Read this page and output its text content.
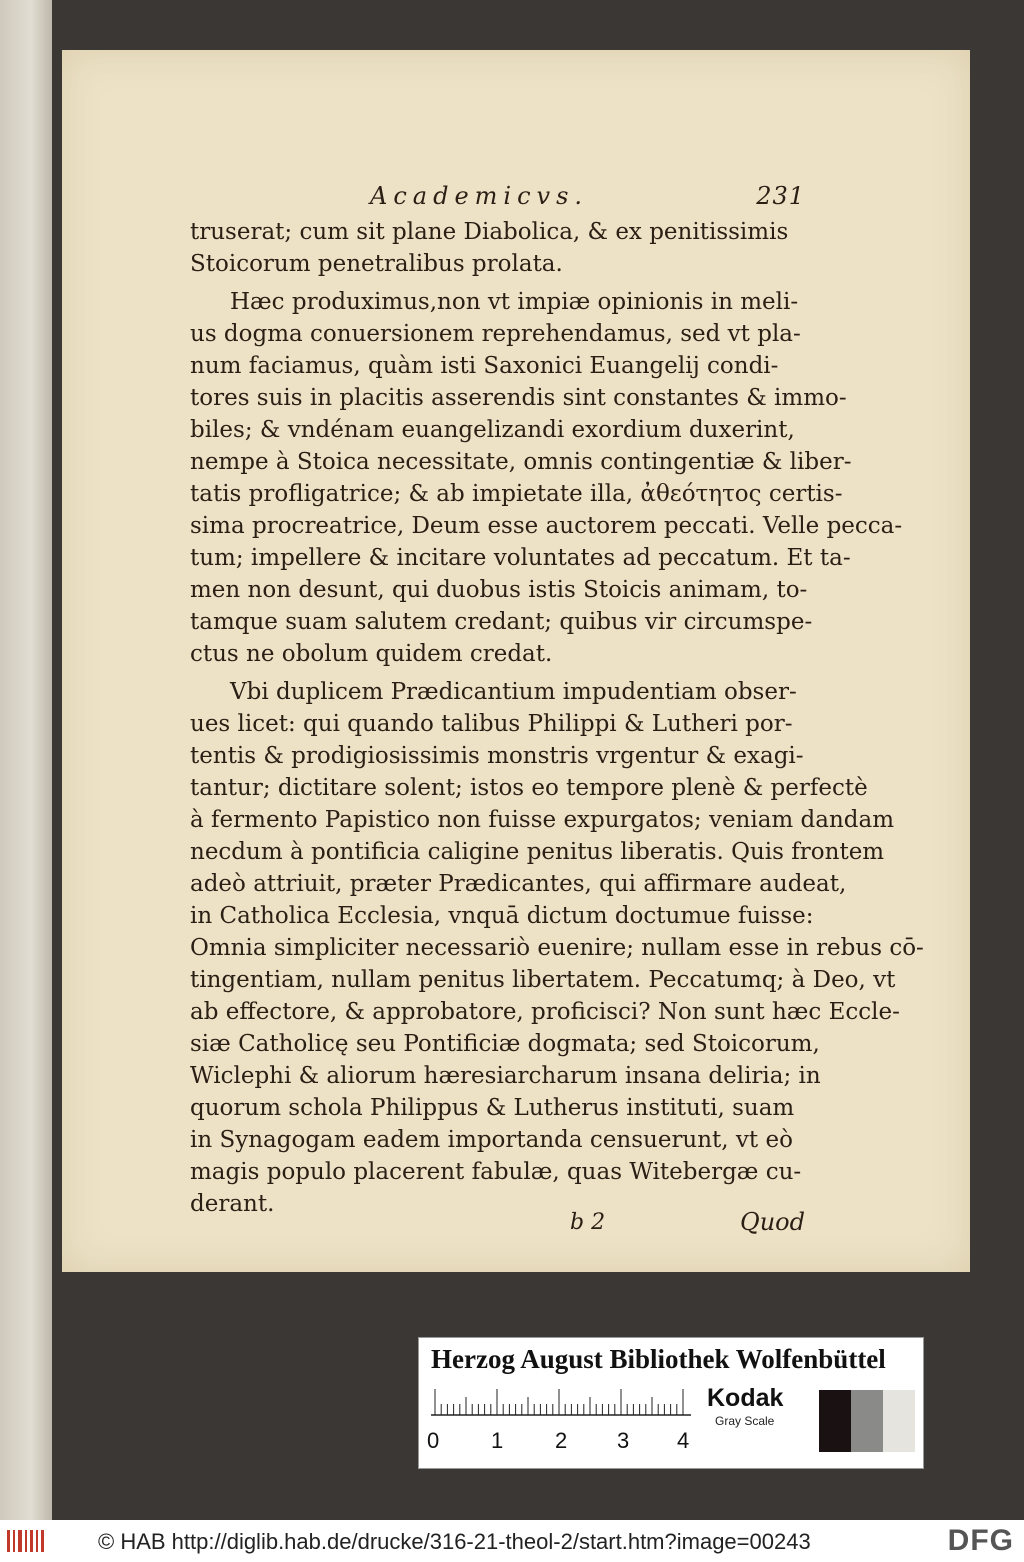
Academicvs.	231
truserat; cum sit plane Diabolica, & ex penitissimis
Stoicorum penetralibus prolata.
Hæc produximus,non vt impiæ opinionis in meli-
us dogma conuersionem reprehendamus, sed vt pla-
num faciamus, quàm isti Saxonici Euangelij condi-
tores suis in placitis asserendis sint constantes & immo-
biles; & vndénam euangelizandi exordium duxerint,
nempe à Stoica necessitate, omnis contingentiæ & liber-
tatis profligatrice; & ab impietate illa, ἀθεότητος certis-
sima procreatrice, Deum esse auctorem peccati. Velle pecca-
tum; impellere & incitare voluntates ad peccatum. Et ta-
men non desunt, qui duobus istis Stoicis animam, to-
tamque suam salutem credant; quibus vir circumspe-
ctus ne obolum quidem credat.
Vbi duplicem Prædicantium impudentiam obser-
ues licet: qui quando talibus Philippi & Lutheri por-
tentis & prodigiosissimis monstris vrgentur & exagi-
tantur; dictitare solent; istos eo tempore plenè & perfectè
à fermento Papistico non fuisse expurgatos; veniam dandam
necdum à pontificia caligine penitus liberatis. Quis frontem
adeò attriuit, præter Prædicantes, qui affirmare audeat,
in Catholica Ecclesia, vnquā dictum doctumue fuisse:
Omnia simpliciter necessariò euenire; nullam esse in rebus cō-
tingentiam, nullam penitus libertatem. Peccatumq; à Deo, vt
ab effectore, & approbatore, proficisci? Non sunt hæc Eccle-
siæ Catholicę seu Pontificiæ dogmata; sed Stoicorum,
Wiclephi & aliorum hæresiarcharum insana deliria; in
quorum schola Philippus & Lutherus instituti, suam
in Synagogam eadem importanda censuerunt, vt eò
magis populo placerent fabulæ, quas Witebergæ cu-
derant.
b 2	Quod
Herzog August Bibliothek Wolfenbüttel
0 1 2 3 4
Kodak
Gray Scale
© HAB http://diglib.hab.de/drucke/316-21-theol-2/start.htm?image=00243	DFG
